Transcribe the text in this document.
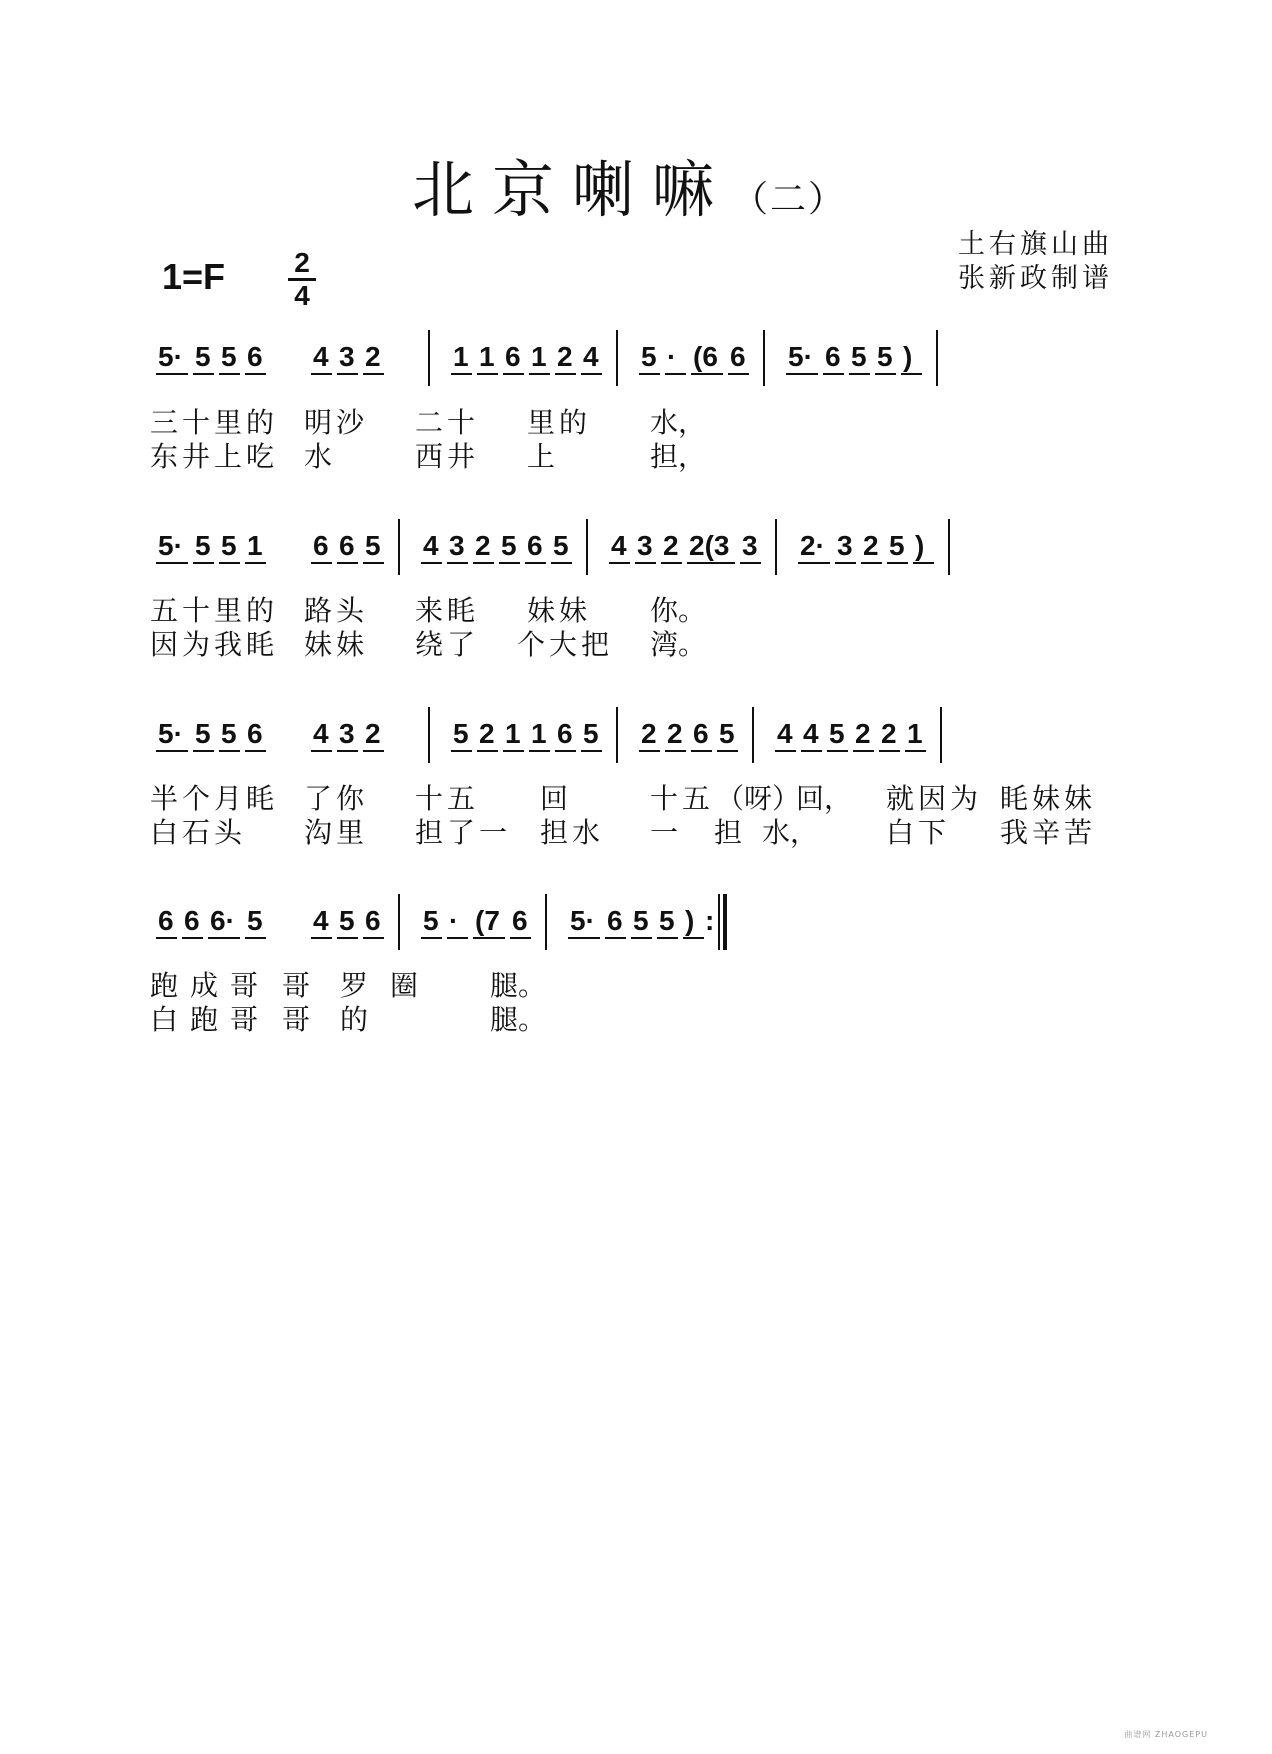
北京喇嘛（二）
1=F 2
4
土右旗山曲
张新政制谱
5· 5 5 6 4 3 2	1 1 6 1 2 4 5 · (6 6 5· 6 5 5 )
三 十 里 的 明 沙 二 十 里 的 水，
东 井 上 吃 水	西 井 上	担，
5· 5 5 1 6 6 5 4 3 2 5 6 5 4 3 2 2(3 3 2· 3 2 5 )
五 十 里 的 路 头 来 眊 妹 妹 你。
因 为 我 眊 妹 妹 绕 了 个 大 把 湾。
5· 5 5 6 4 3 2	5 2 1 1 6 5 2 2 6 5 4 4 5 2 2 1
半 个 月 眊 了 你 十 五 回	十 五 （呀）
回， 就 因 为 眊 妹 妹
白 石 头 沟 里 担 了 一 担 水 一 担 水， 白 下 我 辛 苦
6 6 6· 5 4 5 6 5 · (7 6 5· 6 5 5 ) :
跑 成 哥 哥 罗 圈	腿。
白 跑 哥 哥 的	腿。
曲谱网 ZHAOGEPU
